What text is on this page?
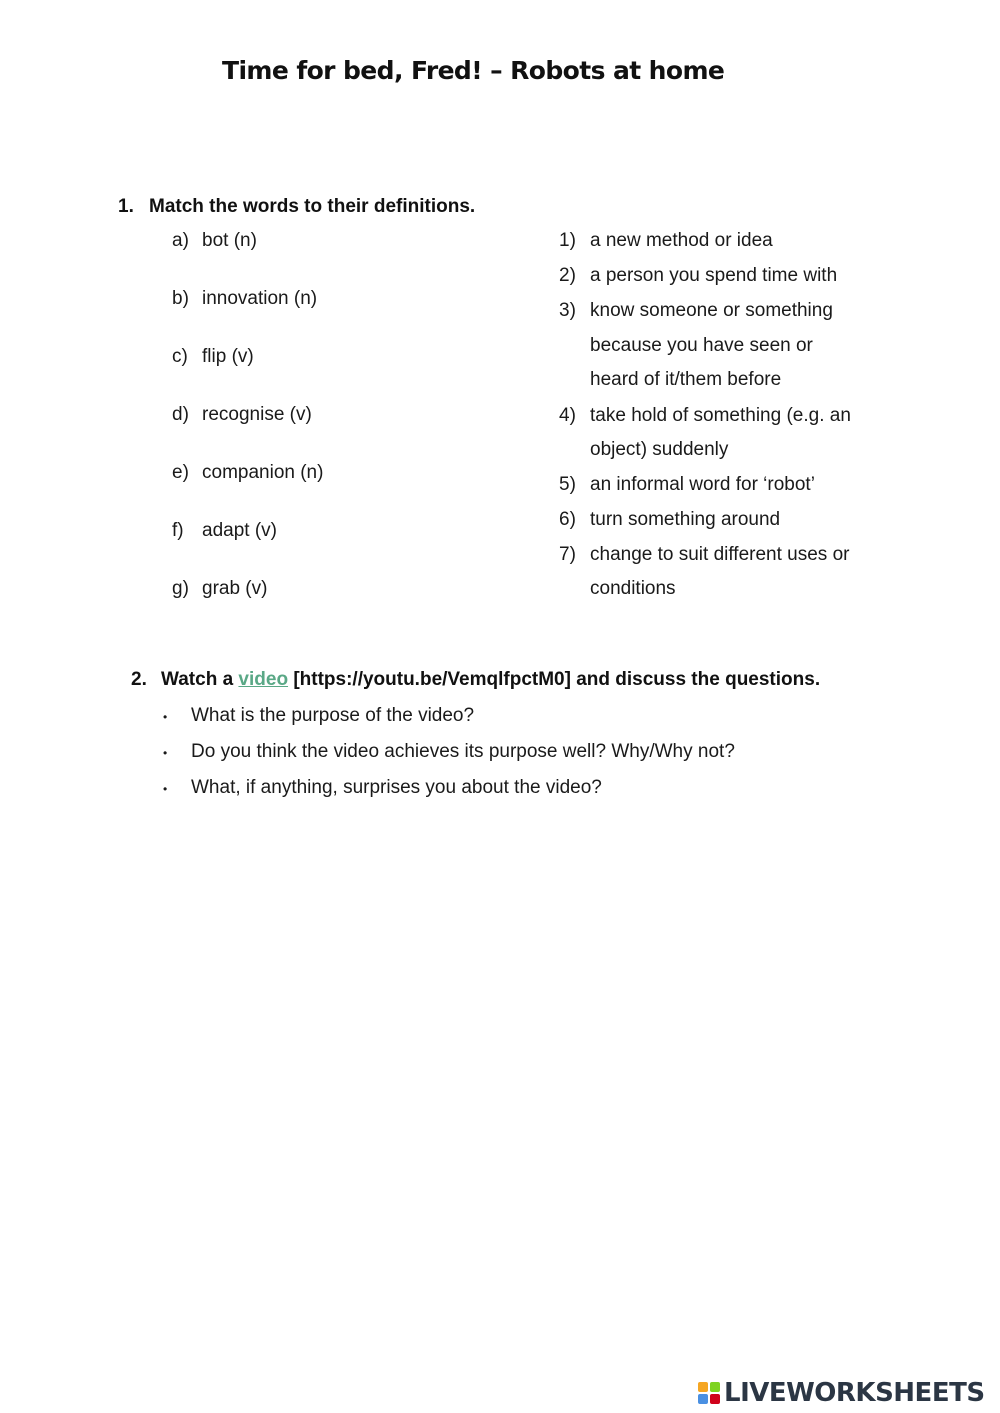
Time for bed, Fred! – Robots at home
1. Match the words to their definitions.
a) bot (n)
b) innovation (n)
c) flip (v)
d) recognise (v)
e) companion (n)
f) adapt (v)
g) grab (v)
1) a new method or idea
2) a person you spend time with
3) know someone or something
because you have seen or
heard of it/them before
4) take hold of something (e.g. an
object) suddenly
5) an informal word for ‘robot’
6) turn something around
7) change to suit different uses or
conditions
2. Watch a video [https://youtu.be/VemqlfpctM0] and discuss the questions.
• What is the purpose of the video?
• Do you think the video achieves its purpose well? Why/Why not?
• What, if anything, surprises you about the video?
LIVEWORKSHEETS
